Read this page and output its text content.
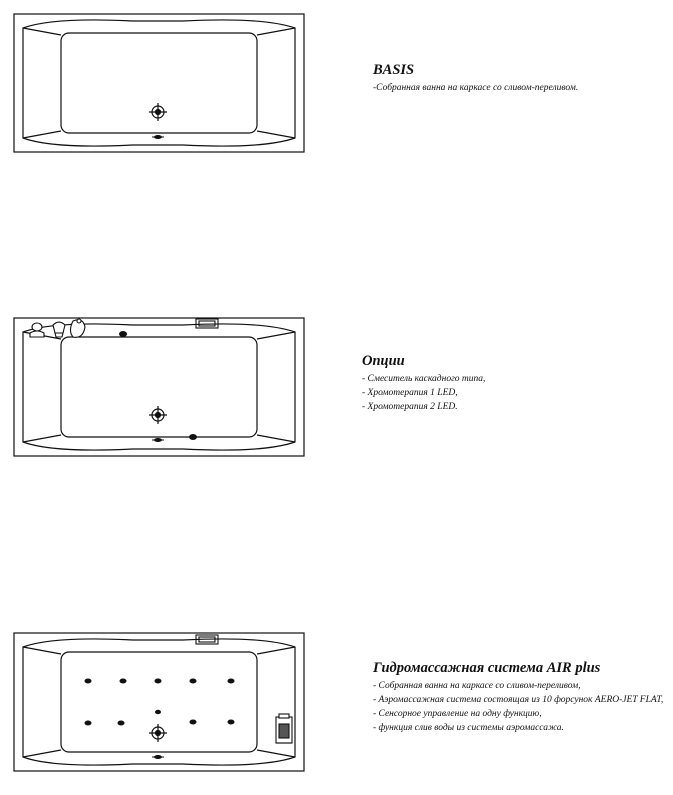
BASIS
-Собранная ванна на каркасе со сливом-переливом.
Опции
- Смеситель каскадного типа,
- Хромотерапия 1 LED,
- Хромотерапия 2 LED.
Гидромассажная система AIR plus
- Собранная ванна на каркасе со сливом-переливом,
- Аэромассажная система состоящая из 10 форсунок AERO-JET FLAT,
- Сенсорное управление на одну функцию,
- функция слив воды из системы аэромассажа.
